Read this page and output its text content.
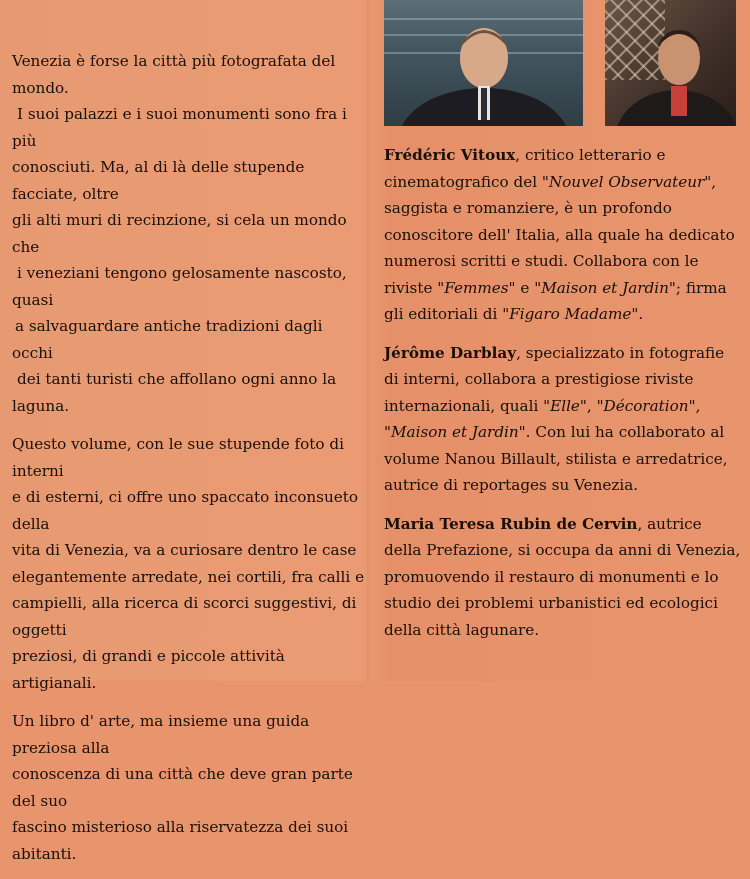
Venezia è forse la città più fotografata del mondo.
I suoi palazzi e i suoi monumenti sono fra i più
conosciuti. Ma, al di là delle stupende facciate, oltre
gli alti muri di recinzione, si cela un mondo che
i veneziani tengono gelosamente nascosto, quasi
a salvaguardare antiche tradizioni dagli occhi
dei tanti turisti che affollano ogni anno la laguna.

Questo volume, con le sue stupende foto di interni
e di esterni, ci offre uno spaccato inconsueto della
vita di Venezia, va a curiosare dentro le case
elegantemente arredate, nei cortili, fra calli e
campielli, alla ricerca di scorci suggestivi, di oggetti
preziosi, di grandi e piccole attività artigianali.

Un libro d' arte, ma insieme una guida preziosa alla
conoscenza di una città che deve gran parte del suo
fascino misterioso alla riservatezza dei suoi
abitanti.

Frédéric Vitoux, critico letterario e cinematografico del "Nouvel Observateur", saggista e romanziere, è un profondo conoscitore dell' Italia, alla quale ha dedicato numerosi scritti e studi. Collabora con le riviste "Femmes" e "Maison et Jardin"; firma gli editoriali di "Figaro Madame".

Jérôme Darblay, specializzato in fotografie di interni, collabora a prestigiose riviste internazionali, quali "Elle", "Décoration", "Maison et Jardin". Con lui ha collaborato al volume Nanou Billault, stilista e arredatrice, autrice di reportages su Venezia.

Maria Teresa Rubin de Cervin, autrice della Prefazione, si occupa da anni di Venezia, promuovendo il restauro di monumenti e lo studio dei problemi urbanistici ed ecologici della città lagunare.
